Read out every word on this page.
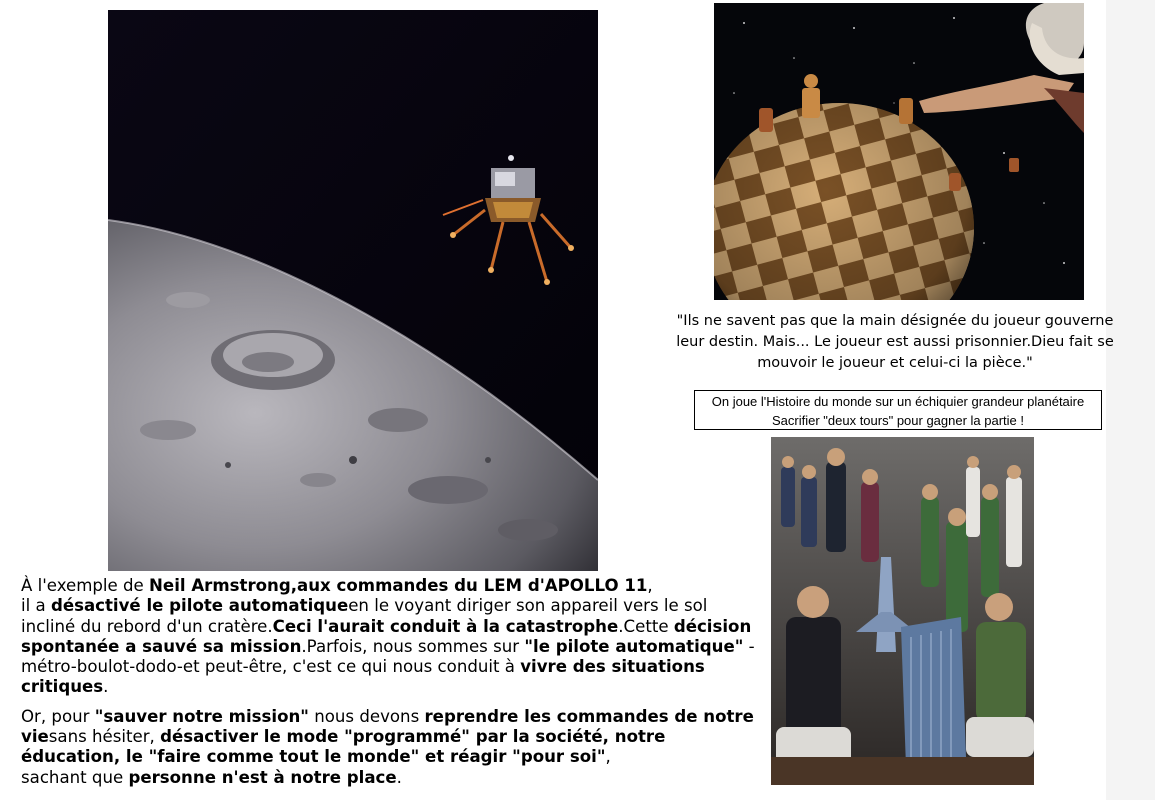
"Ils ne savent pas que la main désignée du joueur gouverne leur destin. Mais... Le joueur est aussi prisonnier.Dieu fait se mouvoir le joueur et celui-ci la pièce."
On joue l'Histoire du monde sur un échiquier grandeur planétaire
Sacrifier "deux tours" pour gagner la partie !

À l'exemple de Neil Armstrong,aux commandes du LEM d'APOLLO 11,
il a désactivé le pilote automatiqueen le voyant diriger son appareil vers le sol incliné du rebord d'un cratère.Ceci l'aurait conduit à la catastrophe.Cette décision spontanée a sauvé sa mission.Parfois, nous sommes sur "le pilote automatique" -métro-boulot-dodo-et peut-être, c'est ce qui nous conduit à vivre des situations critiques.

Or, pour "sauver notre mission" nous devons reprendre les commandes de notre viesans hésiter, désactiver le mode "programmé" par la société, notre éducation, le "faire comme tout le monde" et réagir "pour soi",
sachant que personne n'est à notre place.
